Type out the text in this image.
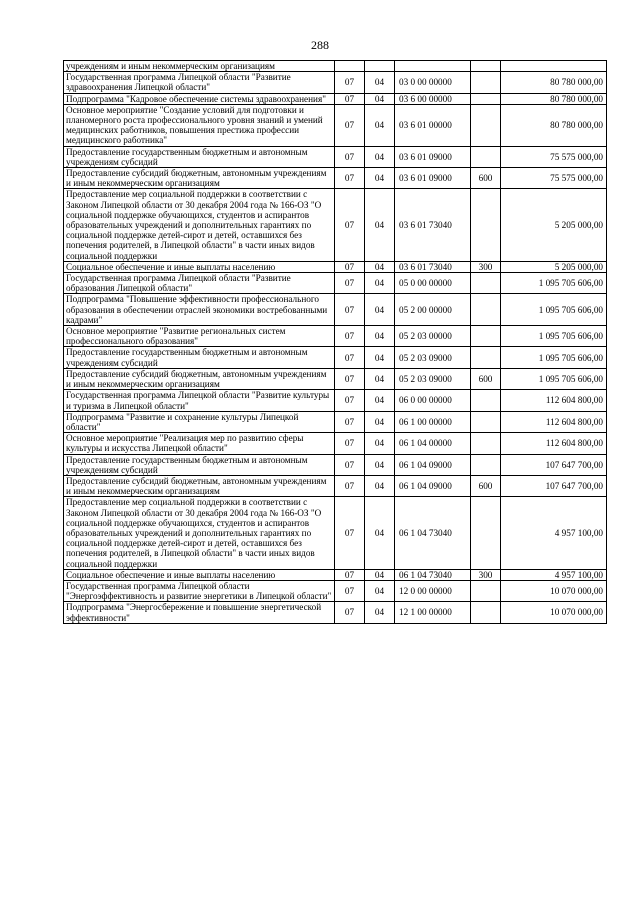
288
учреждениям и иным некоммерческим организациям					
Государственная программа Липецкой области "Развитие здравоохранения Липецкой области"	07	04	03 0 00 00000		80 780 000,00
Подпрограмма "Кадровое обеспечение системы здравоохранения"	07	04	03 6 00 00000		80 780 000,00
Основное мероприятие "Создание условий для подготовки и планомерного роста профессионального уровня знаний и умений медицинских работников, повышения престижа профессии медицинского работника"	07	04	03 6 01 00000		80 780 000,00
Предоставление государственным бюджетным и автономным учреждениям субсидий	07	04	03 6 01 09000		75 575 000,00
Предоставление субсидий бюджетным, автономным учреждениям и иным некоммерческим организациям	07	04	03 6 01 09000	600	75 575 000,00
Предоставление мер социальной поддержки в соответствии с Законом Липецкой области от 30 декабря 2004 года № 166-ОЗ "О социальной поддержке обучающихся, студентов и аспирантов образовательных учреждений и дополнительных гарантиях по социальной поддержке детей-сирот и детей, оставшихся без попечения родителей, в Липецкой области" в части иных видов социальной поддержки	07	04	03 6 01 73040		5 205 000,00
Социальное обеспечение и иные выплаты населению	07	04	03 6 01 73040	300	5 205 000,00
Государственная программа Липецкой области "Развитие образования Липецкой области"	07	04	05 0 00 00000		1 095 705 606,00
Подпрограмма "Повышение эффективности профессионального образования в обеспечении отраслей экономики востребованными кадрами"	07	04	05 2 00 00000		1 095 705 606,00
Основное мероприятие "Развитие региональных систем профессионального образования"	07	04	05 2 03 00000		1 095 705 606,00
Предоставление государственным бюджетным и автономным учреждениям субсидий	07	04	05 2 03 09000		1 095 705 606,00
Предоставление субсидий бюджетным, автономным учреждениям и иным некоммерческим организациям	07	04	05 2 03 09000	600	1 095 705 606,00
Государственная программа Липецкой области "Развитие культуры и туризма в Липецкой области"	07	04	06 0 00 00000		112 604 800,00
Подпрограмма "Развитие и сохранение культуры Липецкой области"	07	04	06 1 00 00000		112 604 800,00
Основное мероприятие "Реализация мер по развитию сферы культуры и искусства Липецкой области"	07	04	06 1 04 00000		112 604 800,00
Предоставление государственным бюджетным и автономным учреждениям субсидий	07	04	06 1 04 09000		107 647 700,00
Предоставление субсидий бюджетным, автономным учреждениям и иным некоммерческим организациям	07	04	06 1 04 09000	600	107 647 700,00
Предоставление мер социальной поддержки в соответствии с Законом Липецкой области от 30 декабря 2004 года № 166-ОЗ "О социальной поддержке обучающихся, студентов и аспирантов образовательных учреждений и дополнительных гарантиях по социальной поддержке детей-сирот и детей, оставшихся без попечения родителей, в Липецкой области" в части иных видов социальной поддержки	07	04	06 1 04 73040		4 957 100,00
Социальное обеспечение и иные выплаты населению	07	04	06 1 04 73040	300	4 957 100,00
Государственная программа Липецкой области "Энергоэффективность и развитие энергетики в Липецкой области"	07	04	12 0 00 00000		10 070 000,00
Подпрограмма "Энергосбережение и повышение энергетической эффективности"	07	04	12 1 00 00000		10 070 000,00
